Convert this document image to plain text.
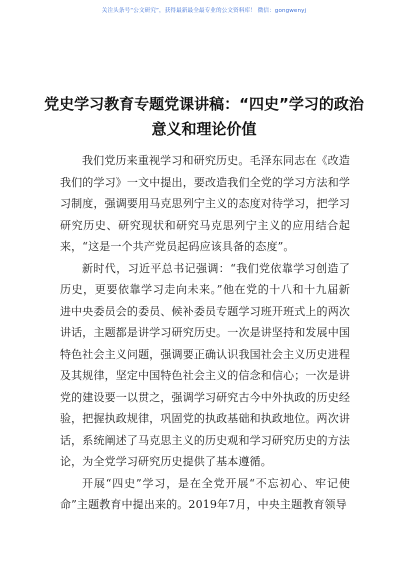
关注头条号“公文研究”，获得最新最全最专业的公文资料库！ 微信：gongwenyj
党史学习教育专题党课讲稿：“四史”学习的政治意义和理论价值

我们党历来重视学习和研究历史。毛泽东同志在《改造我们的学习》一文中提出，要改造我们全党的学习方法和学习制度，强调要用马克思列宁主义的态度对待学习，把学习研究历史、研究现状和研究马克思列宁主义的应用结合起来，“这是一个共产党员起码应该具备的态度”。

新时代，习近平总书记强调：“我们党依靠学习创造了历史，更要依靠学习走向未来。”他在党的十八和十九届新进中央委员会的委员、候补委员专题学习班开班式上的两次讲话，主题都是讲学习研究历史。一次是讲坚持和发展中国特色社会主义问题，强调要正确认识我国社会主义历史进程及其规律，坚定中国特色社会主义的信念和信心；一次是讲党的建设要一以贯之，强调学习研究古今中外执政的历史经验，把握执政规律，巩固党的执政基础和执政地位。两次讲话，系统阐述了马克思主义的历史观和学习研究历史的方法论，为全党学习研究历史提供了基本遵循。

开展“四史”学习，是在全党开展“不忘初心、牢记使命”主题教育中提出来的。2019年7月，中央主题教育领导
